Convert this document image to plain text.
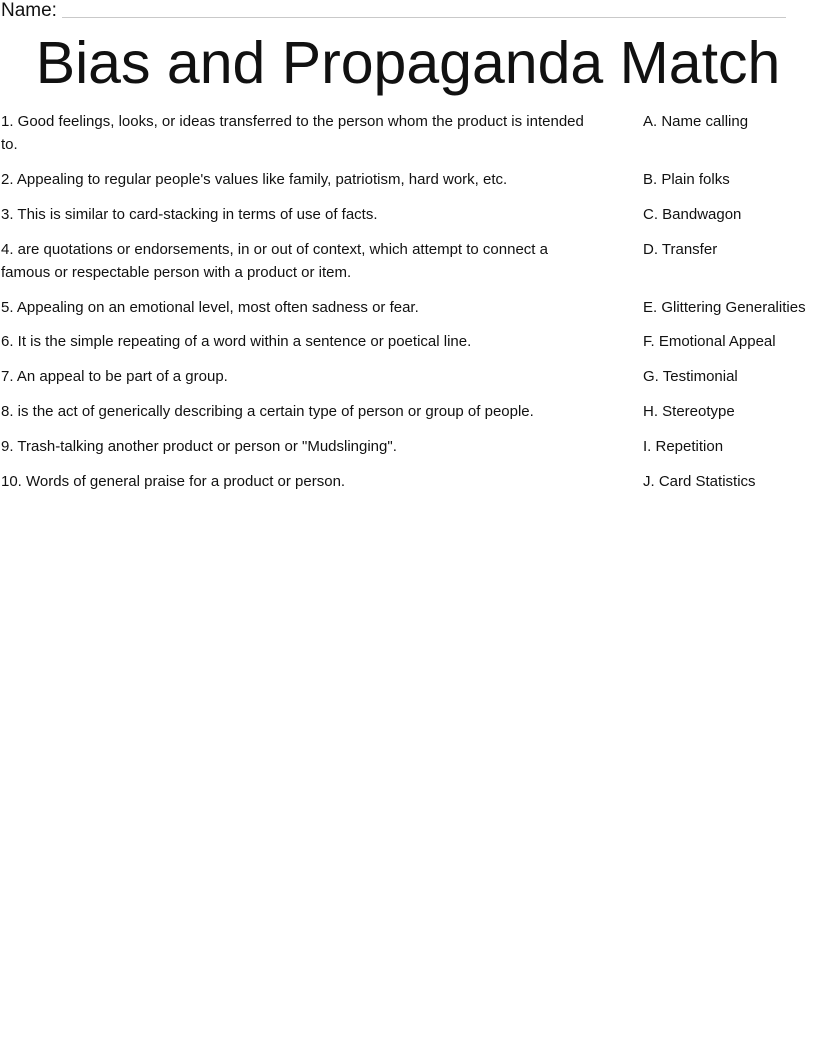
Name:
Bias and Propaganda Match
1. Good feelings, looks, or ideas transferred to the person whom the product is intended to.
2. Appealing to regular people's values like family, patriotism, hard work, etc.
3. This is similar to card-stacking in terms of use of facts.
4. are quotations or endorsements, in or out of context, which attempt to connect a famous or respectable person with a product or item.
5. Appealing on an emotional level, most often sadness or fear.
6. It is the simple repeating of a word within a sentence or poetical line.
7. An appeal to be part of a group.
8. is the act of generically describing a certain type of person or group of people.
9. Trash-talking another product or person or "Mudslinging".
10. Words of general praise for a product or person.
A. Name calling
B. Plain folks
C. Bandwagon
D. Transfer
E. Glittering Generalities
F. Emotional Appeal
G. Testimonial
H. Stereotype
I. Repetition
J. Card Statistics
